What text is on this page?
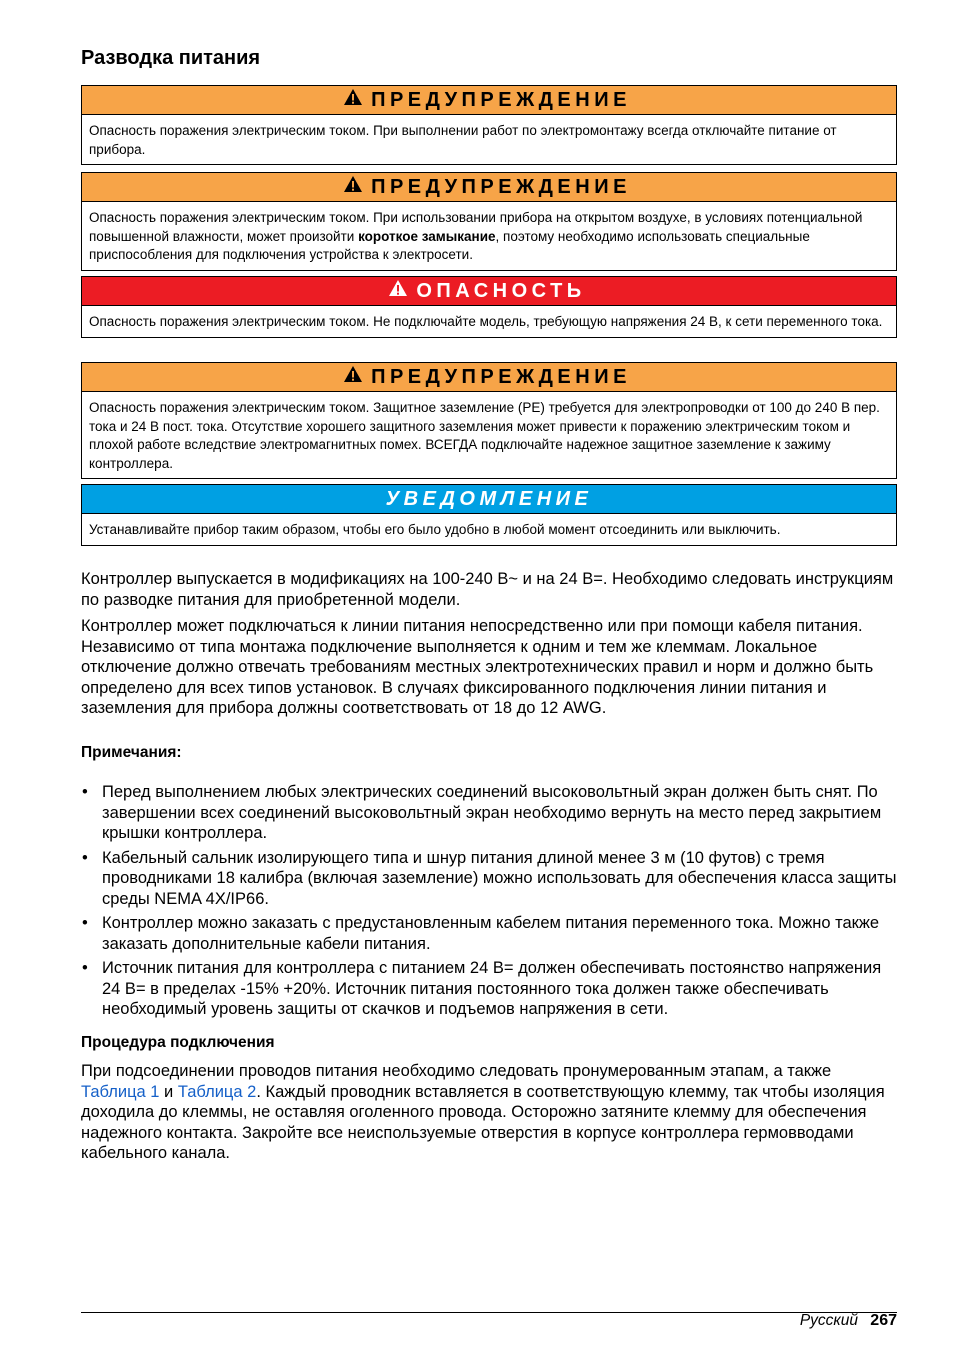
Разводка питания
ПРЕДУПРЕЖДЕНИЕ
Опасность поражения электрическим током. При выполнении работ по электромонтажу всегда отключайте питание от прибора.
ПРЕДУПРЕЖДЕНИЕ
Опасность поражения электрическим током. При использовании прибора на открытом воздухе, в условиях потенциальной повышенной влажности, может произойти короткое замыкание, поэтому необходимо использовать специальные приспособления для подключения устройства к электросети.
ОПАСНОСТЬ
Опасность поражения электрическим током. Не подключайте модель, требующую напряжения 24 В, к сети переменного тока.
ПРЕДУПРЕЖДЕНИЕ
Опасность поражения электрическим током. Защитное заземление (PE) требуется для электропроводки от 100 до 240 В пер. тока и 24 В пост. тока. Отсутствие хорошего защитного заземления может привести к поражению электрическим током и плохой работе вследствие электромагнитных помех. ВСЕГДА подключайте надежное защитное заземление к зажиму контроллера.
УВЕДОМЛЕНИЕ
Устанавливайте прибор таким образом, чтобы его было удобно в любой момент отсоединить или выключить.

Контроллер выпускается в модификациях на 100-240 В~ и на 24 В=. Необходимо следовать инструкциям по разводке питания для приобретенной модели.

Контроллер может подключаться к линии питания непосредственно или при помощи кабеля питания. Независимо от типа монтажа подключение выполняется к одним и тем же клеммам. Локальное отключение должно отвечать требованиям местных электротехнических правил и норм и должно быть определено для всех типов установок. В случаях фиксированного подключения линии питания и заземления для прибора должны соответствовать от 18 до 12 AWG.

Примечания:

• Перед выполнением любых электрических соединений высоковольтный экран должен быть снят. По завершении всех соединений высоковольтный экран необходимо вернуть на место перед закрытием крышки контроллера.
• Кабельный сальник изолирующего типа и шнур питания длиной менее 3 м (10 футов) с тремя проводниками 18 калибра (включая заземление) можно использовать для обеспечения класса защиты среды NEMA 4X/IP66.
• Контроллер можно заказать с предустановленным кабелем питания переменного тока. Можно также заказать дополнительные кабели питания.
• Источник питания для контроллера с питанием 24 В= должен обеспечивать постоянство напряжения 24 В= в пределах -15% +20%. Источник питания постоянного тока должен также обеспечивать необходимый уровень защиты от скачков и подъемов напряжения в сети.

Процедура подключения

При подсоединении проводов питания необходимо следовать пронумерованным этапам, а также Таблица 1 и Таблица 2. Каждый проводник вставляется в соответствующую клемму, так чтобы изоляция доходила до клеммы, не оставляя оголенного провода. Осторожно затяните клемму для обеспечения надежного контакта. Закройте все неиспользуемые отверстия в корпусе контроллера гермовводами кабельного канала.

Русский 267
